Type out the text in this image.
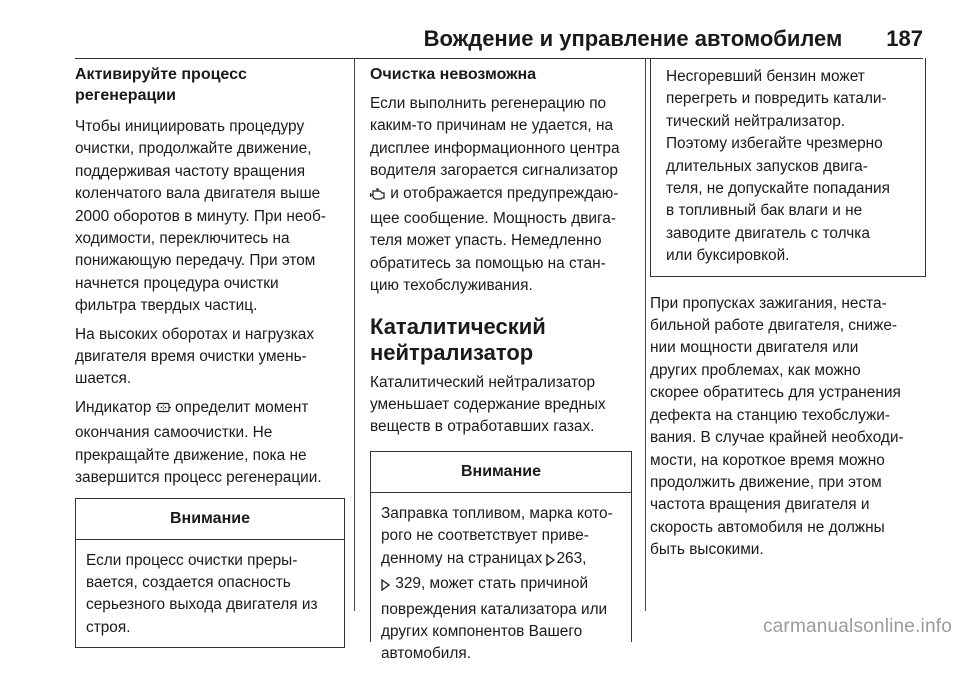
Вождение и управление автомобилем 187
Активируйте процесс
регенерации

Чтобы инициировать процедуру
очистки, продолжайте движение,
поддерживая частоту вращения
коленчатого вала двигателя выше
2000 оборотов в минуту. При необ-
ходимости, переключитесь на
понижающую передачу. При этом
начнется процедура очистки
фильтра твердых частиц.

На высоких оборотах и нагрузках
двигателя время очистки умень-
шается.

Индикатор определит момент
окончания самоочистки. Не
прекращайте движение, пока не
завершится процесс регенерации.

Внимание
Если процесс очистки преры-
вается, создается опасность
серьезного выхода двигателя из
строя.
Очистка невозможна

Если выполнить регенерацию по
каким-то причинам не удается, на
дисплее информационного центра
водителя загорается сигнализатор
и отображается предупреждаю-
щее сообщение. Мощность двига-
теля может упасть. Немедленно
обратитесь за помощью на стан-
цию техобслуживания.

Каталитический
нейтрализатор

Каталитический нейтрализатор
уменьшает содержание вредных
веществ в отработавших газах.

Внимание
Заправка топливом, марка кото-
рого не соответствует приве-
денному на страницах 263,
329, может стать причиной
повреждения катализатора или
других компонентов Вашего
автомобиля.
Несгоревший бензин может
перегреть и повредить катали-
тический нейтрализатор.
Поэтому избегайте чрезмерно
длительных запусков двига-
теля, не допускайте попадания
в топливный бак влаги и не
заводите двигатель с толчка
или буксировкой.

При пропусках зажигания, неста-
бильной работе двигателя, сниже-
нии мощности двигателя или
других проблемах, как можно
скорее обратитесь для устранения
дефекта на станцию техобслужи-
вания. В случае крайней необходи-
мости, на короткое время можно
продолжить движение, при этом
частота вращения двигателя и
скорость автомобиля не должны
быть высокими.

carmanualsonline.info
